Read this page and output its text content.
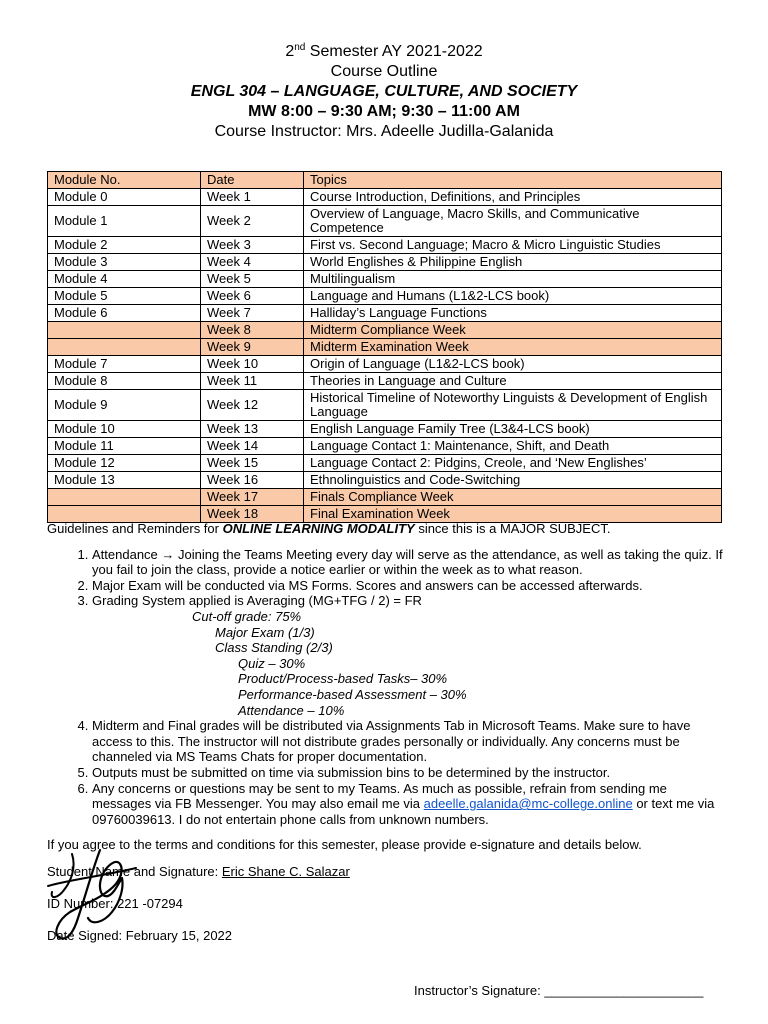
2nd Semester AY 2021-2022
Course Outline
ENGL 304 – LANGUAGE, CULTURE, AND SOCIETY
MW 8:00 – 9:30 AM; 9:30 – 11:00 AM
Course Instructor: Mrs. Adeelle Judilla-Galanida
Module No.	Date	Topics
Module 0	Week 1	Course Introduction, Definitions, and Principles
Module 1	Week 2	Overview of Language, Macro Skills, and Communicative Competence
Module 2	Week 3	First vs. Second Language; Macro & Micro Linguistic Studies
Module 3	Week 4	World Englishes & Philippine English
Module 4	Week 5	Multilingualism
Module 5	Week 6	Language and Humans (L1&2-LCS book)
Module 6	Week 7	Halliday’s Language Functions
	Week 8	Midterm Compliance Week
	Week 9	Midterm Examination Week
Module 7	Week 10	Origin of Language (L1&2-LCS book)
Module 8	Week 11	Theories in Language and Culture
Module 9	Week 12	Historical Timeline of Noteworthy Linguists & Development of English Language
Module 10	Week 13	English Language Family Tree (L3&4-LCS book)
Module 11	Week 14	Language Contact 1: Maintenance, Shift, and Death
Module 12	Week 15	Language Contact 2: Pidgins, Creole, and ‘New Englishes’
Module 13	Week 16	Ethnolinguistics and Code-Switching
	Week 17	Finals Compliance Week
	Week 18	Final Examination Week
Guidelines and Reminders for ONLINE LEARNING MODALITY since this is a MAJOR SUBJECT.
1. Attendance → Joining the Teams Meeting every day will serve as the attendance, as well as taking the quiz. If you fail to join the class, provide a notice earlier or within the week as to what reason.
2. Major Exam will be conducted via MS Forms. Scores and answers can be accessed afterwards.
3. Grading System applied is Averaging (MG+TFG / 2) = FR
Cut-off grade: 75%
Major Exam (1/3)
Class Standing (2/3)
Quiz – 30%
Product/Process-based Tasks– 30%
Performance-based Assessment – 30%
Attendance – 10%
4. Midterm and Final grades will be distributed via Assignments Tab in Microsoft Teams. Make sure to have access to this. The instructor will not distribute grades personally or individually. Any concerns must be channeled via MS Teams Chats for proper documentation.
5. Outputs must be submitted on time via submission bins to be determined by the instructor.
6. Any concerns or questions may be sent to my Teams. As much as possible, refrain from sending me messages via FB Messenger. You may also email me via adeelle.galanida@mc-college.online or text me via 09760039613. I do not entertain phone calls from unknown numbers.
If you agree to the terms and conditions for this semester, please provide e-signature and details below.
Student Name and Signature: Eric Shane C. Salazar
ID Number: 221 -07294
Date Signed: February 15, 2022
Instructor’s Signature: ______________________
